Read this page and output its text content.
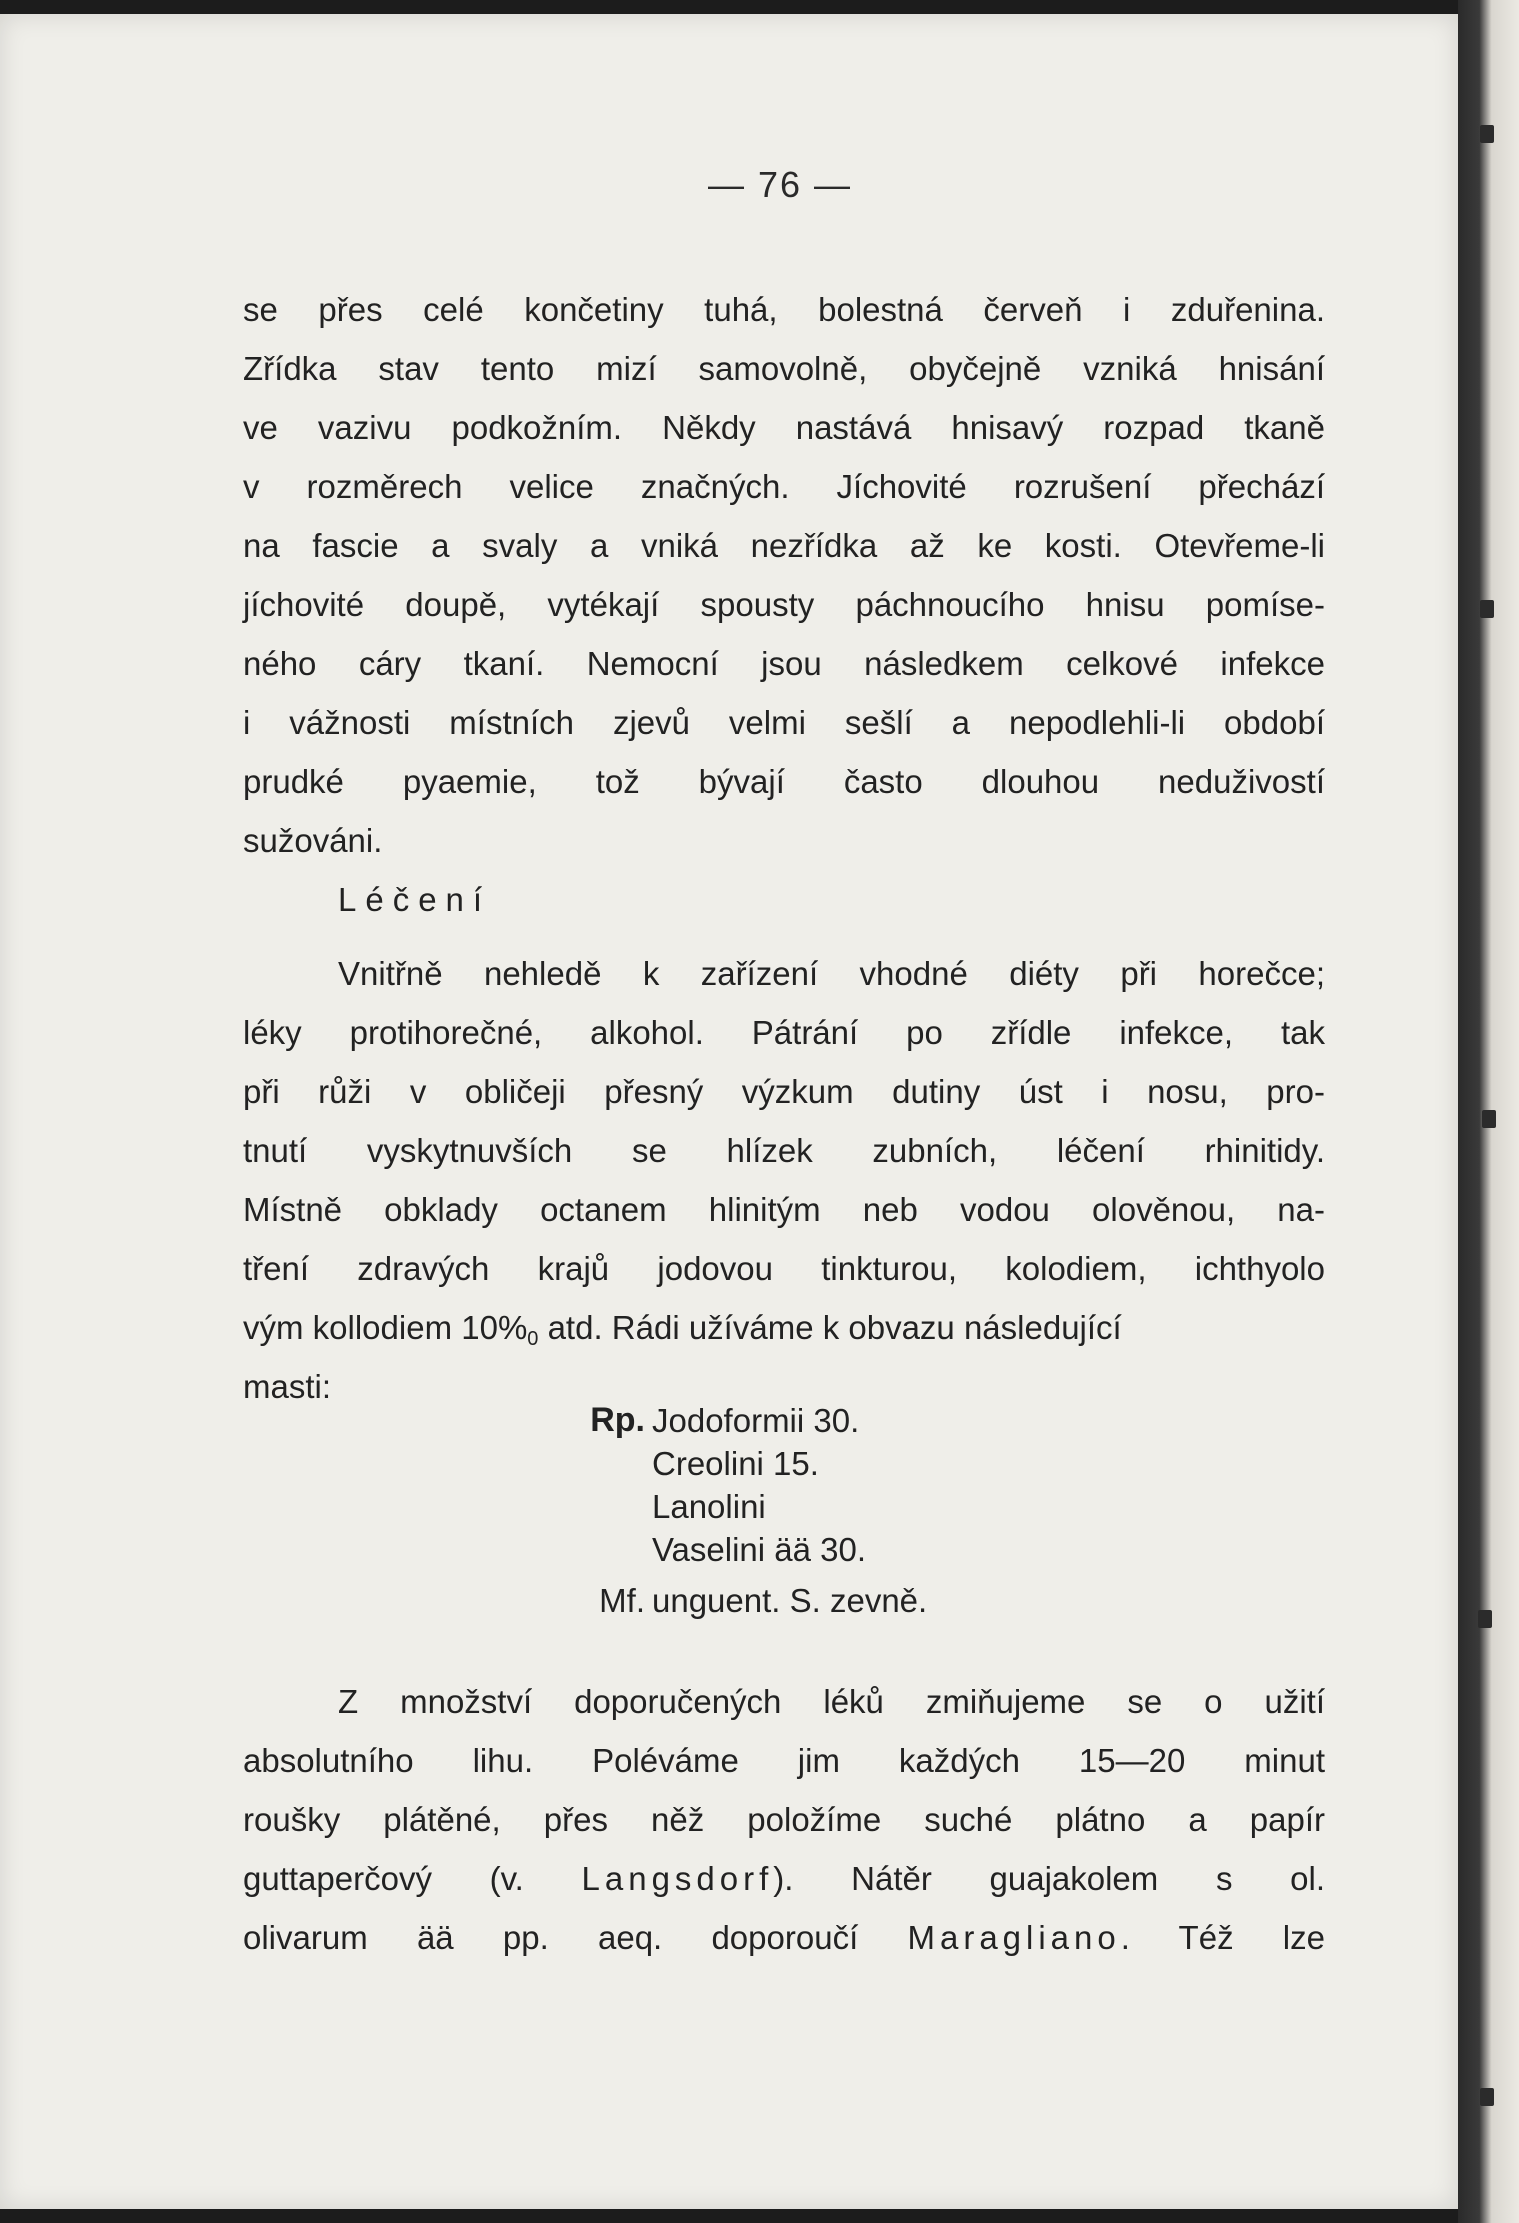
— 76 —
se přes celé končetiny tuhá, bolestná červeň i zduřenina.
Zřídka stav tento mizí samovolně, obyčejně vzniká hnisání
ve vazivu podkožním. Někdy nastává hnisavý rozpad tkaně
v rozměrech velice značných. Jíchovité rozrušení přechází
na fascie a svaly a vniká nezřídka až ke kosti. Otevřeme-li
jíchovité doupě, vytékají spousty páchnoucího hnisu pomíse-
ného cáry tkaní. Nemocní jsou následkem celkové infekce
i vážnosti místních zjevů velmi sešlí a nepodlehli-li období
prudké pyaemie, tož bývají často dlouhou neduživostí
sužováni.
Léčení
Vnitřně nehledě k zařízení vhodné diéty při horečce;
léky protihorečné, alkohol. Pátrání po zřídle infekce, tak
při růži v obličeji přesný výzkum dutiny úst i nosu, pro-
tnutí vyskytnuvších se hlízek zubních, léčení rhinitidy.
Místně obklady octanem hlinitým neb vodou olověnou, na-
tření zdravých krajů jodovou tinkturou, kolodiem, ichthyolo
vým kollodiem $10\%_0$ atd. Rádi užíváme k obvazu následující
masti:
Rp. Jodoformii 30.
Creolini 15.
Lanolini
Vaselini ää 30.
Mf. unguent. S. zevně.
Z množství doporučených léků zmiňujeme se o užití
absolutního lihu. Poléváme jim každých 15—20 minut
roušky plátěné, přes něž položíme suché plátno a papír
guttaperčový (v. Langsdorf). Nátěr guajakolem s ol.
olivarum ää pp. aeq. doporoučí Maragliano. Též lze
